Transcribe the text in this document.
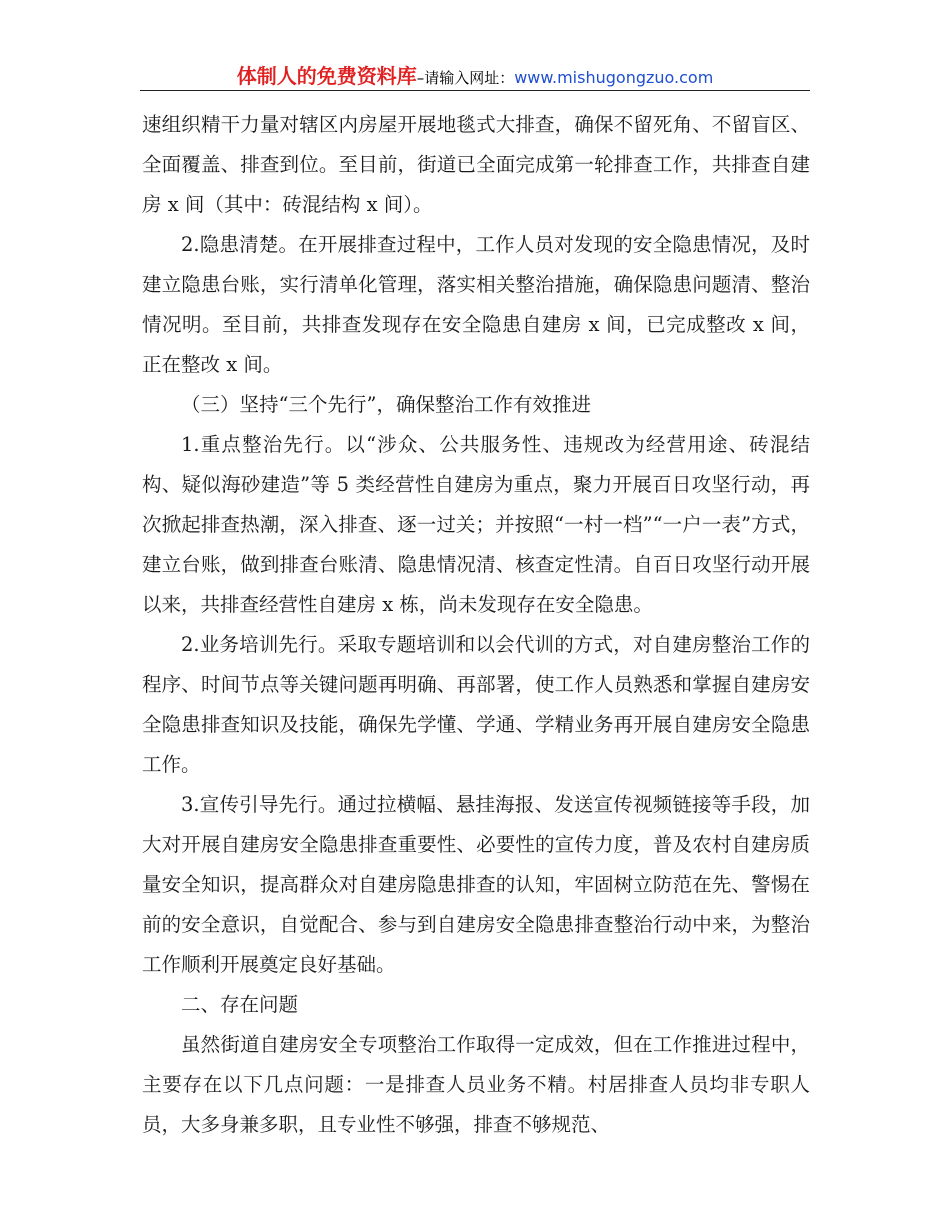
体制人的免费资料库–请输入网址：www.mishugongzuo.com

速组织精干力量对辖区内房屋开展地毯式大排查，确保不留死角、不留盲区、全面覆盖、排查到位。至目前，街道已全面完成第一轮排查工作，共排查自建房 x 间（其中：砖混结构 x 间）。

2.隐患清楚。在开展排查过程中，工作人员对发现的安全隐患情况，及时建立隐患台账，实行清单化管理，落实相关整治措施，确保隐患问题清、整治情况明。至目前，共排查发现存在安全隐患自建房 x 间，已完成整改 x 间，正在整改 x 间。

（三）坚持“三个先行”，确保整治工作有效推进

1.重点整治先行。以“涉众、公共服务性、违规改为经营用途、砖混结构、疑似海砂建造”等 5 类经营性自建房为重点，聚力开展百日攻坚行动，再次掀起排查热潮，深入排查、逐一过关；并按照“一村一档”“一户一表”方式，建立台账，做到排查台账清、隐患情况清、核查定性清。自百日攻坚行动开展以来，共排查经营性自建房 x 栋，尚未发现存在安全隐患。

2.业务培训先行。采取专题培训和以会代训的方式，对自建房整治工作的程序、时间节点等关键问题再明确、再部署，使工作人员熟悉和掌握自建房安全隐患排查知识及技能，确保先学懂、学通、学精业务再开展自建房安全隐患工作。

3.宣传引导先行。通过拉横幅、悬挂海报、发送宣传视频链接等手段，加大对开展自建房安全隐患排查重要性、必要性的宣传力度，普及农村自建房质量安全知识，提高群众对自建房隐患排查的认知，牢固树立防范在先、警惕在前的安全意识，自觉配合、参与到自建房安全隐患排查整治行动中来，为整治工作顺利开展奠定良好基础。

二、存在问题

虽然街道自建房安全专项整治工作取得一定成效，但在工作推进过程中，主要存在以下几点问题：一是排查人员业务不精。村居排查人员均非专职人员，大多身兼多职，且专业性不够强，排查不够规范、
